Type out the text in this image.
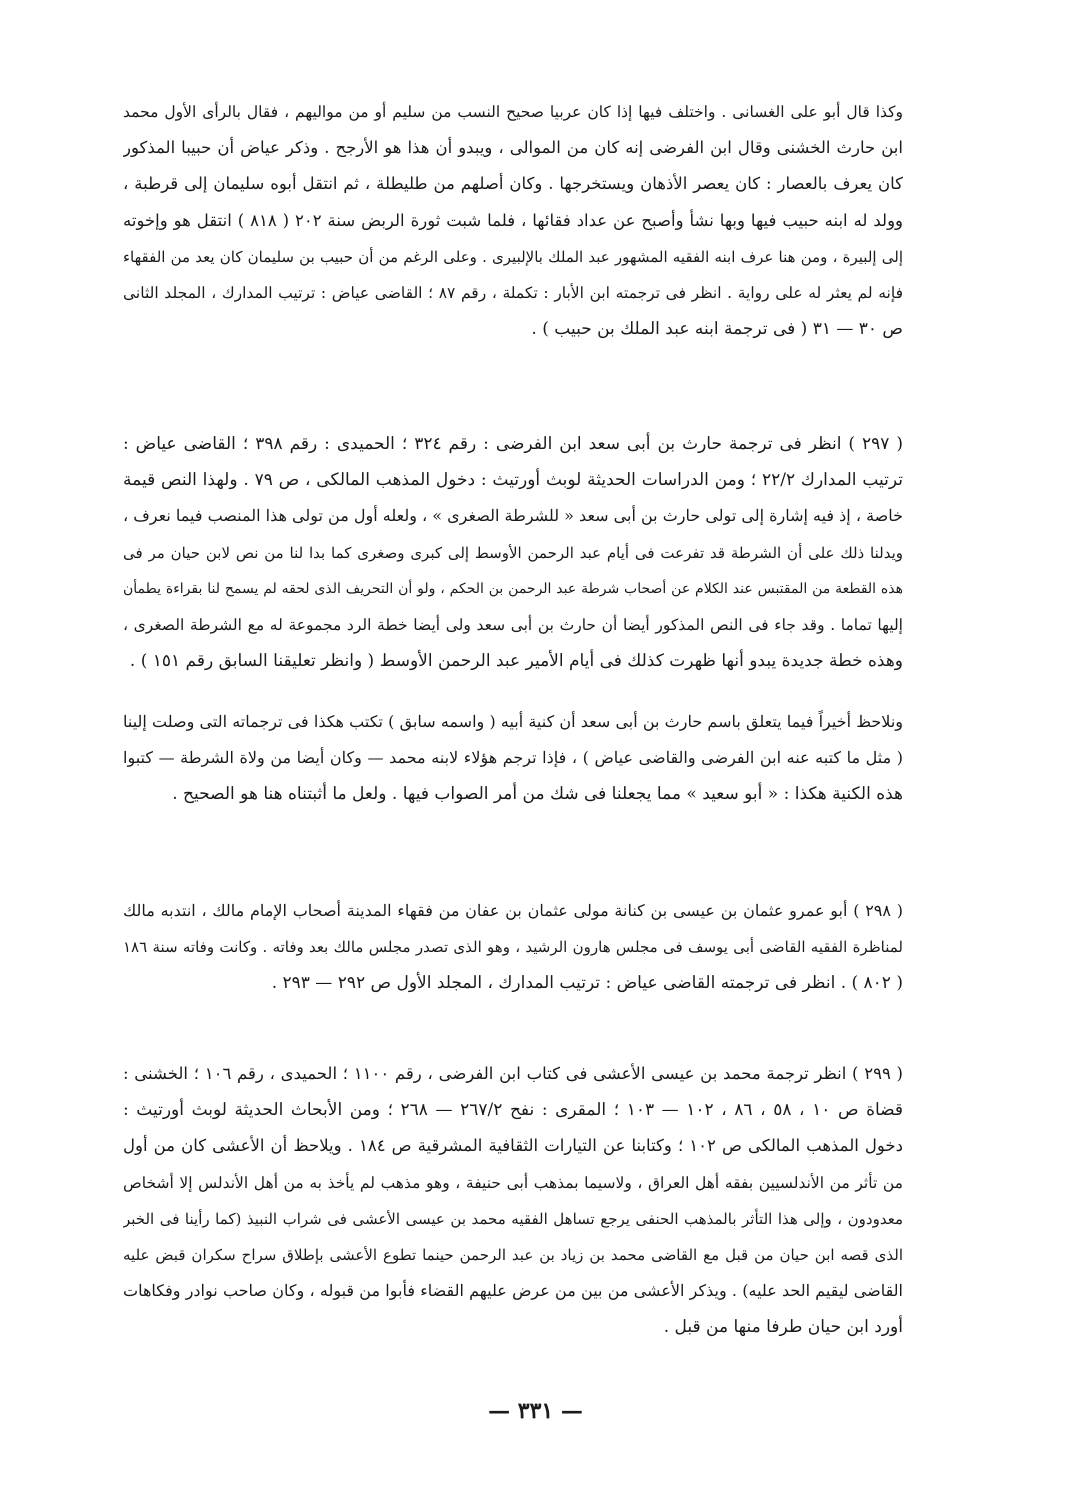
وكذا قال أبو على الغسانى . واختلف فيها إذا كان عربيا صحيح النسب من سليم أو من مواليهم ، فقال بالرأى الأول محمد
ابن حارث الخشنى وقال ابن الفرضى إنه كان من الموالى ، ويبدو أن هذا هو الأرجح . وذكر عياض أن حبيبا المذكور
كان يعرف بالعصار : كان يعصر الأذهان ويستخرجها . وكان أصلهم من طليطلة ، ثم انتقل أبوه سليمان إلى قرطبة ،
وولد له ابنه حبيب فيها وبها نشأ وأصبح عن عداد فقائها ، فلما شبت ثورة الربض سنة ٢٠٢ ( ٨١٨ ) انتقل هو وإخوته
إلى إلبيرة ، ومن هنا عرف ابنه الفقيه المشهور عبد الملك بالإلبيرى . وعلى الرغم من أن حبيب بن سليمان كان يعد من الفقهاء
فإنه لم يعثر له على رواية . انظر فى ترجمته ابن الأبار : تكملة ، رقم ٨٧ ؛ القاضى عياض : ترتيب المدارك ، المجلد الثانى
ص ٣٠ — ٣١ ( فى ترجمة ابنه عبد الملك بن حبيب ) .
( ٢٩٧ ) انظر فى ترجمة حارث بن أبى سعد ابن الفرضى : رقم ٣٢٤ ؛ الحميدى : رقم ٣٩٨ ؛ القاضى عياض :
ترتيب المدارك ٢٢/٢ ؛ ومن الدراسات الحديثة لوبث أورتيث : دخول المذهب المالكى ، ص ٧٩ . ولهذا النص قيمة
خاصة ، إذ فيه إشارة إلى تولى حارث بن أبى سعد « للشرطة الصغرى » ، ولعله أول من تولى هذا المنصب فيما نعرف ،
ويدلنا ذلك على أن الشرطة قد تفرعت فى أيام عبد الرحمن الأوسط إلى كبرى وصغرى كما بدا لنا من نص لابن حيان مر فى
هذه القطعة من المقتبس عند الكلام عن أصحاب شرطة عبد الرحمن بن الحكم ، ولو أن التحريف الذى لحقه لم يسمح لنا بقراءة يطمأن
إليها تماما . وقد جاء فى النص المذكور أيضا أن حارث بن أبى سعد ولى أيضا خطة الرد مجموعة له مع الشرطة الصغرى ،
وهذه خطة جديدة يبدو أنها ظهرت كذلك فى أيام الأمير عبد الرحمن الأوسط ( وانظر تعليقنا السابق رقم ١٥١ ) .
ونلاحظ أخيراً فيما يتعلق باسم حارث بن أبى سعد أن كنية أبيه ( واسمه سابق ) تكتب هكذا فى ترجماته التى وصلت إلينا
( مثل ما كتبه عنه ابن الفرضى والقاضى عياض ) ، فإذا ترجم هؤلاء لابنه محمد — وكان أيضا من ولاة الشرطة — كتبوا
هذه الكنية هكذا : « أبو سعيد » مما يجعلنا فى شك من أمر الصواب فيها . ولعل ما أثبتناه هنا هو الصحيح .
( ٢٩٨ ) أبو عمرو عثمان بن عيسى بن كنانة مولى عثمان بن عفان من فقهاء المدينة أصحاب الإمام مالك ، انتدبه مالك
لمناظرة الفقيه القاضى أبى يوسف فى مجلس هارون الرشيد ، وهو الذى تصدر مجلس مالك بعد وفاته . وكانت وفاته سنة ١٨٦
( ٨٠٢ ) . انظر فى ترجمته القاضى عياض : ترتيب المدارك ، المجلد الأول ص ٢٩٢ — ٢٩٣ .
( ٢٩٩ ) انظر ترجمة محمد بن عيسى الأعشى فى كتاب ابن الفرضى ، رقم ١١٠٠ ؛ الحميدى ، رقم ١٠٦ ؛ الخشنى :
قضاة ص ١٠ ، ٥٨ ، ٨٦ ، ١٠٢ — ١٠٣ ؛ المقرى : نفح ٢٦٧/٢ — ٢٦٨ ؛ ومن الأبحاث الحديثة لوبث أورتيث :
دخول المذهب المالكى ص ١٠٢ ؛ وكتابنا عن التيارات الثقافية المشرقية ص ١٨٤ . ويلاحظ أن الأعشى كان من أول
من تأثر من الأندلسيين بفقه أهل العراق ، ولاسيما بمذهب أبى حنيفة ، وهو مذهب لم يأخذ به من أهل الأندلس إلا أشخاص
معدودون ، وإلى هذا التأثر بالمذهب الحنفى يرجع تساهل الفقيه محمد بن عيسى الأعشى فى شراب النبيذ (كما رأينا فى الخبر
الذى قصه ابن حيان من قبل مع القاضى محمد بن زياد بن عبد الرحمن حينما تطوع الأعشى بإطلاق سراح سكران قبض عليه
القاضى ليقيم الحد عليه) . ويذكر الأعشى من بين من عرض عليهم القضاء فأبوا من قبوله ، وكان صاحب نوادر وفكاهات
أورد ابن حيان طرفا منها من قبل .
— ٣٣١ —
